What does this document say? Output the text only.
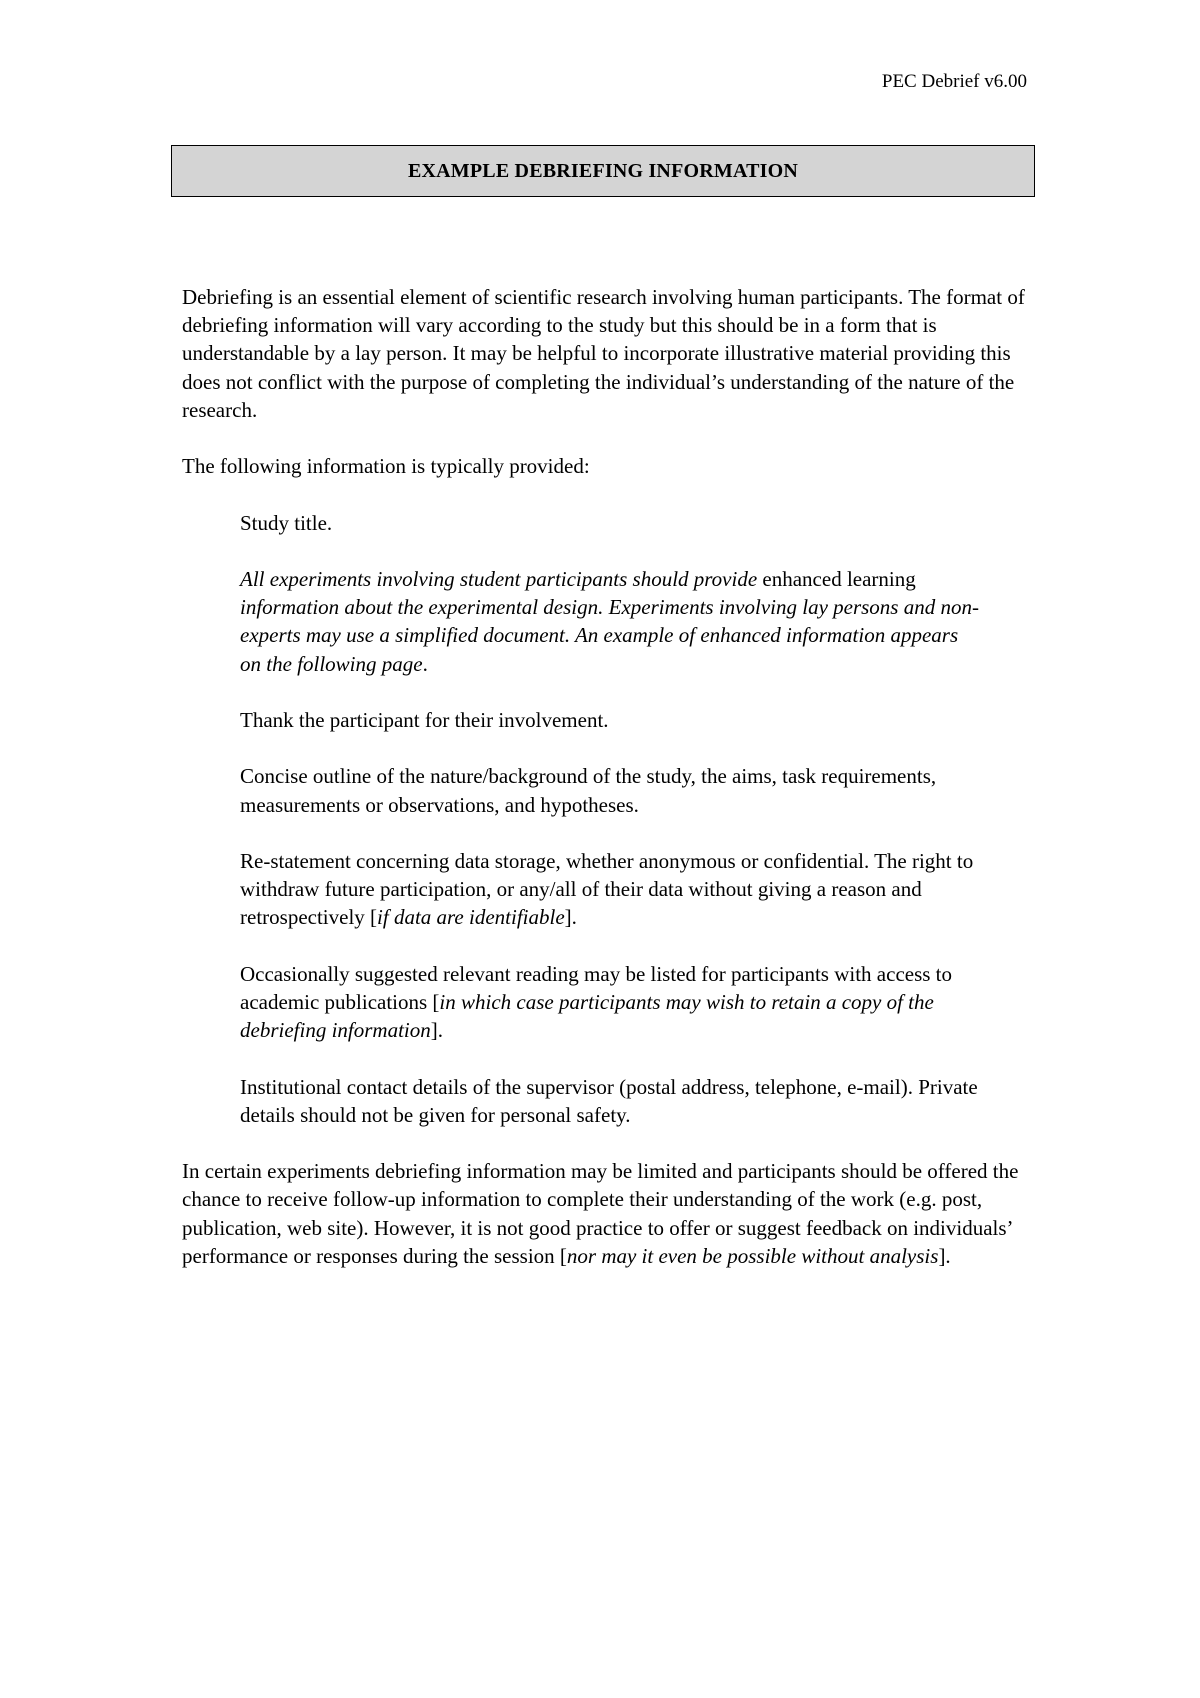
PEC Debrief v6.00
EXAMPLE DEBRIEFING INFORMATION

Debriefing is an essential element of scientific research involving human participants. The format of debriefing information will vary according to the study but this should be in a form that is understandable by a lay person. It may be helpful to incorporate illustrative material providing this does not conflict with the purpose of completing the individual’s understanding of the nature of the research.

The following information is typically provided:

Study title.
All experiments involving student participants should provide enhanced learning information about the experimental design. Experiments involving lay persons and non-experts may use a simplified document. An example of enhanced information appears on the following page.
Thank the participant for their involvement.
Concise outline of the nature/background of the study, the aims, task requirements, measurements or observations, and hypotheses.
Re-statement concerning data storage, whether anonymous or confidential. The right to withdraw future participation, or any/all of their data without giving a reason and retrospectively [if data are identifiable].
Occasionally suggested relevant reading may be listed for participants with access to academic publications [in which case participants may wish to retain a copy of the debriefing information].
Institutional contact details of the supervisor (postal address, telephone, e-mail). Private details should not be given for personal safety.

In certain experiments debriefing information may be limited and participants should be offered the chance to receive follow-up information to complete their understanding of the work (e.g. post, publication, web site). However, it is not good practice to offer or suggest feedback on individuals’ performance or responses during the session [nor may it even be possible without analysis].
